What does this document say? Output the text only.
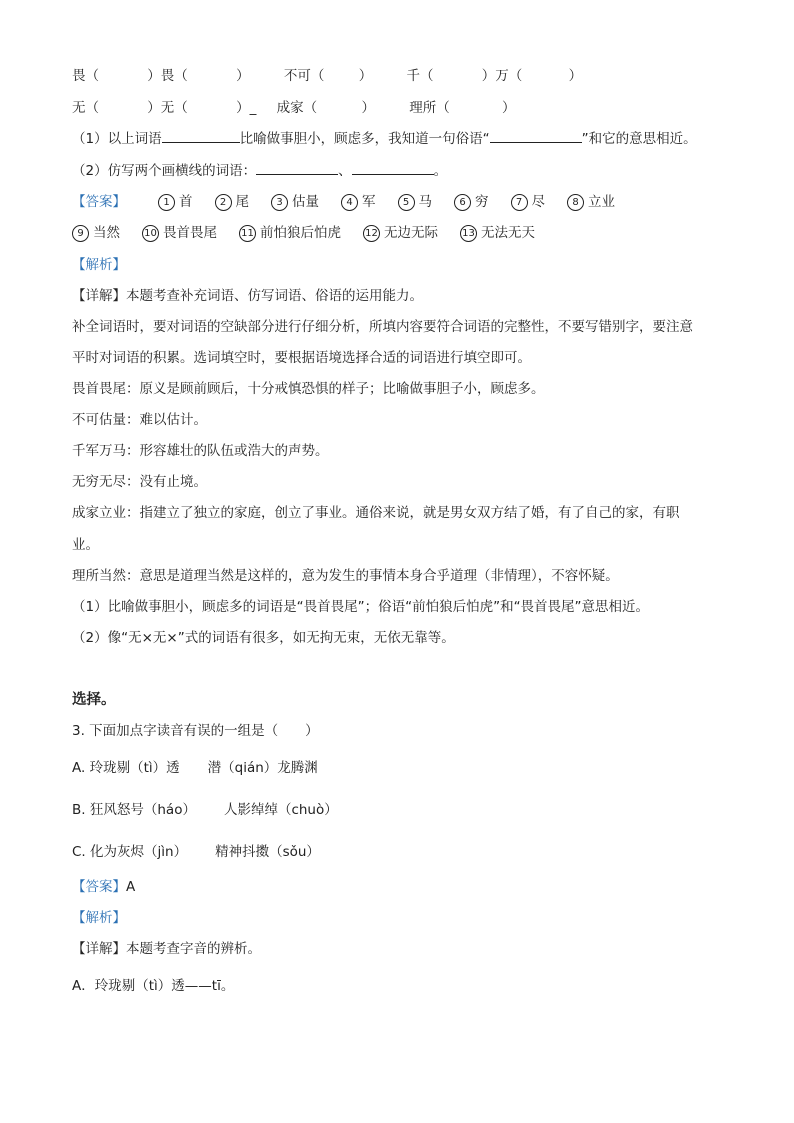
畏（	）畏（	）	不可（	）	千（	）万（	）
无（	）无（	）_ 成家（	）	理所（	）
（1）以上词语	比喻做事胆小，顾虑多，我知道一句俗语“	”和它的意思相近。
（2）仿写两个画横线的词语：	、	。
【答案】	1 首	2 尾	3 估量	4 军	5 马	6 穷	7 尽	8 立业
9 当然 10 畏首畏尾 11 前怕狼后怕虎 12 无边无际 13 无法无天
【解析】
【详解】本题考查补充词语、仿写词语、俗语的运用能力。
补全词语时，要对词语的空缺部分进行仔细分析，所填内容要符合词语的完整性，不要写错别字，要注意
平时对词语的积累。选词填空时，要根据语境选择合适的词语进行填空即可。
畏首畏尾：原义是顾前顾后，十分戒慎恐惧的样子；比喻做事胆子小，顾虑多。
不可估量：难以估计。
千军万马：形容雄壮的队伍或浩大的声势。
无穷无尽：没有止境。
成家立业：指建立了独立的家庭，创立了事业。通俗来说，就是男女双方结了婚，有了自己的家，有职
业。
理所当然：意思是道理当然是这样的，意为发生的事情本身合乎道理（非情理），不容怀疑。
（1）比喻做事胆小，顾虑多的词语是“畏首畏尾”；俗语“前怕狼后怕虎”和“畏首畏尾”意思相近。
（2）像“无×无×”式的词语有很多，如无拘无束，无依无靠等。
选择。
3. 下面加点字读音有误的一组是（　　）
A. 玲珑剔（tì）透 潜（qián）龙腾渊
B. 狂风怒号（háo） 人影绰绰（chuò）
C. 化为灰烬（jìn） 精神抖擞（sǒu）
【答案】A
【解析】
【详解】本题考查字音的辨析。
A．玲珑剔（tì）透——tī。
